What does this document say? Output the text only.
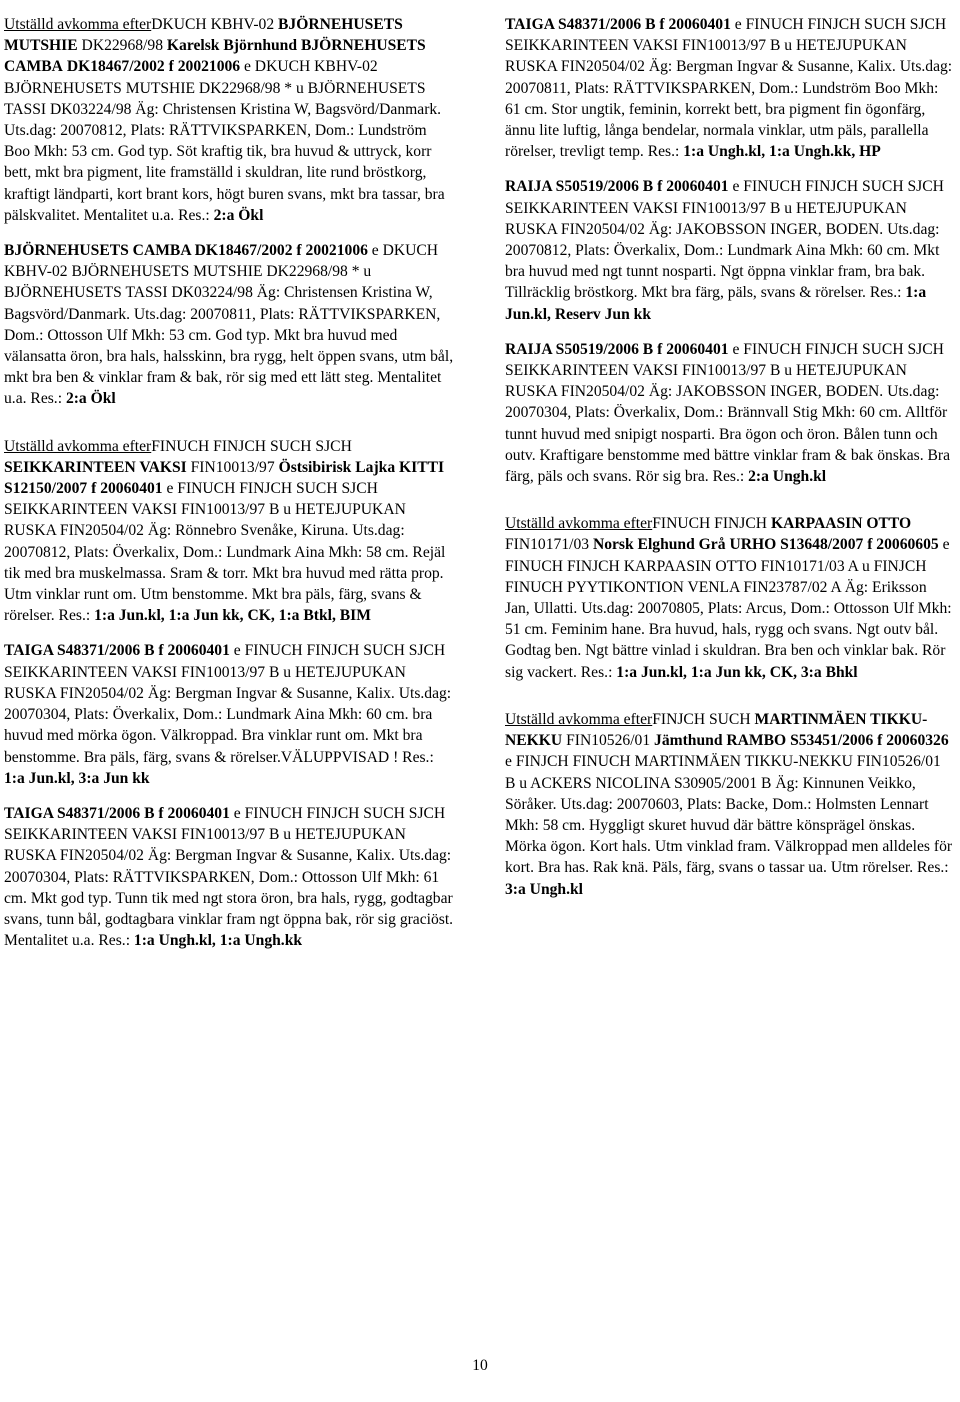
Utställd avkomma efterDKUCH KBHV-02 BJÖRNEHUSETS MUTSHIE DK22968/98 Karelsk Björnhund BJÖRNEHUSETS CAMBA DK18467/2002 f 20021006 e DKUCH KBHV-02 BJÖRNEHUSETS MUTSHIE DK22968/98 * u BJÖRNEHUSETS TASSI DK03224/98 Äg: Christensen Kristina W, Bagsvörd/Danmark. Uts.dag: 20070812, Plats: RÄTTVIKSPARKEN, Dom.: Lundström Boo Mkh: 53 cm. God typ. Söt kraftig tik, bra huvud & uttryck, korr bett, mkt bra pigment, lite framställd i skuldran, lite rund bröstkorg, kraftigt ländparti, kort brant kors, högt buren svans, mkt bra tassar, bra pälskvalitet. Mentalitet u.a. Res.: 2:a Ökl
BJÖRNEHUSETS CAMBA DK18467/2002 f 20021006 e DKUCH KBHV-02 BJÖRNEHUSETS MUTSHIE DK22968/98 * u BJÖRNEHUSETS TASSI DK03224/98 Äg: Christensen Kristina W, Bagsvörd/Danmark. Uts.dag: 20070811, Plats: RÄTTVIKSPARKEN, Dom.: Ottosson Ulf Mkh: 53 cm. God typ. Mkt bra huvud med välansatta öron, bra hals, halsskinn, bra rygg, helt öppen svans, utm bål, mkt bra ben & vinklar fram & bak, rör sig med ett lätt steg. Mentalitet u.a. Res.: 2:a Ökl
Utställd avkomma efterFINUCH FINJCH SUCH SJCH SEIKKARINTEEN VAKSI FIN10013/97 Östsibirisk Lajka KITTI S12150/2007 f 20060401 e FINUCH FINJCH SUCH SJCH SEIKKARINTEEN VAKSI FIN10013/97 B u HETEJUPUKAN RUSKA FIN20504/02 Äg: Rönnebro Svenåke, Kiruna. Uts.dag: 20070812, Plats: Överkalix, Dom.: Lundmark Aina Mkh: 58 cm. Rejäl tik med bra muskelmassa. Sram & torr. Mkt bra huvud med rätta prop. Utm vinklar runt om. Utm benstomme. Mkt bra päls, färg, svans & rörelser. Res.: 1:a Jun.kl, 1:a Jun kk, CK, 1:a Btkl, BIM
TAIGA S48371/2006 B f 20060401 e FINUCH FINJCH SUCH SJCH SEIKKARINTEEN VAKSI FIN10013/97 B u HETEJUPUKAN RUSKA FIN20504/02 Äg: Bergman Ingvar & Susanne, Kalix. Uts.dag: 20070304, Plats: Överkalix, Dom.: Lundmark Aina Mkh: 60 cm. bra huvud med mörka ögon. Välkroppad. Bra vinklar runt om. Mkt bra benstomme. Bra päls, färg, svans & rörelser.VÄLUPPVISAD ! Res.: 1:a Jun.kl, 3:a Jun kk
TAIGA S48371/2006 B f 20060401 e FINUCH FINJCH SUCH SJCH SEIKKARINTEEN VAKSI FIN10013/97 B u HETEJUPUKAN RUSKA FIN20504/02 Äg: Bergman Ingvar & Susanne, Kalix. Uts.dag: 20070304, Plats: RÄTTVIKSPARKEN, Dom.: Ottosson Ulf Mkh: 61 cm. Mkt god typ. Tunn tik med ngt stora öron, bra hals, rygg, godtagbar svans, tunn bål, godtagbara vinklar fram ngt öppna bak, rör sig graciöst. Mentalitet u.a. Res.: 1:a Ungh.kl, 1:a Ungh.kk
TAIGA S48371/2006 B f 20060401 e FINUCH FINJCH SUCH SJCH SEIKKARINTEEN VAKSI FIN10013/97 B u HETEJUPUKAN RUSKA FIN20504/02 Äg: Bergman Ingvar & Susanne, Kalix. Uts.dag: 20070811, Plats: RÄTTVIKSPARKEN, Dom.: Lundström Boo Mkh: 61 cm. Stor ungtik, feminin, korrekt bett, bra pigment fin ögonfärg, ännu lite luftig, långa bendelar, normala vinklar, utm päls, parallella rörelser, trevligt temp. Res.: 1:a Ungh.kl, 1:a Ungh.kk, HP
RAIJA S50519/2006 B f 20060401 e FINUCH FINJCH SUCH SJCH SEIKKARINTEEN VAKSI FIN10013/97 B u HETEJUPUKAN RUSKA FIN20504/02 Äg: JAKOBSSON INGER, BODEN. Uts.dag: 20070812, Plats: Överkalix, Dom.: Lundmark Aina Mkh: 60 cm. Mkt bra huvud med ngt tunnt nosparti. Ngt öppna vinklar fram, bra bak. Tillräcklig bröstkorg. Mkt bra färg, päls, svans & rörelser. Res.: 1:a Jun.kl, Reserv Jun kk
RAIJA S50519/2006 B f 20060401 e FINUCH FINJCH SUCH SJCH SEIKKARINTEEN VAKSI FIN10013/97 B u HETEJUPUKAN RUSKA FIN20504/02 Äg: JAKOBSSON INGER, BODEN. Uts.dag: 20070304, Plats: Överkalix, Dom.: Brännvall Stig Mkh: 60 cm. Alltför tunnt huvud med snipigt nosparti. Bra ögon och öron. Bålen tunn och outv. Kraftigare benstomme med bättre vinklar fram & bak önskas. Bra färg, päls och svans. Rör sig bra. Res.: 2:a Ungh.kl
Utställd avkomma efterFINUCH FINJCH KARPAASIN OTTO FIN10171/03 Norsk Elghund Grå URHO S13648/2007 f 20060605 e FINUCH FINJCH KARPAASIN OTTO FIN10171/03 A u FINJCH FINUCH PYYTIKONTION VENLA FIN23787/02 A Äg: Eriksson Jan, Ullatti. Uts.dag: 20070805, Plats: Arcus, Dom.: Ottosson Ulf Mkh: 51 cm. Feminim hane. Bra huvud, hals, rygg och svans. Ngt outv bål. Godtag ben. Ngt bättre vinlad i skuldran. Bra ben och vinklar bak. Rör sig vackert. Res.: 1:a Jun.kl, 1:a Jun kk, CK, 3:a Bhkl
Utställd avkomma efterFINJCH SUCH MARTINMÄEN TIKKU-NEKKU FIN10526/01 Jämthund RAMBO S53451/2006 f 20060326 e FINJCH FINUCH MARTINMÄEN TIKKU-NEKKU FIN10526/01 B u ACKERS NICOLINA S30905/2001 B Äg: Kinnunen Veikko, Söråker. Uts.dag: 20070603, Plats: Backe, Dom.: Holmsten Lennart Mkh: 58 cm. Hyggligt skuret huvud där bättre könsprägel önskas. Mörka ögon. Kort hals. Utm vinklad fram. Välkroppad men alldeles för kort. Bra has. Rak knä. Päls, färg, svans o tassar ua. Utm rörelser. Res.: 3:a Ungh.kl
10
